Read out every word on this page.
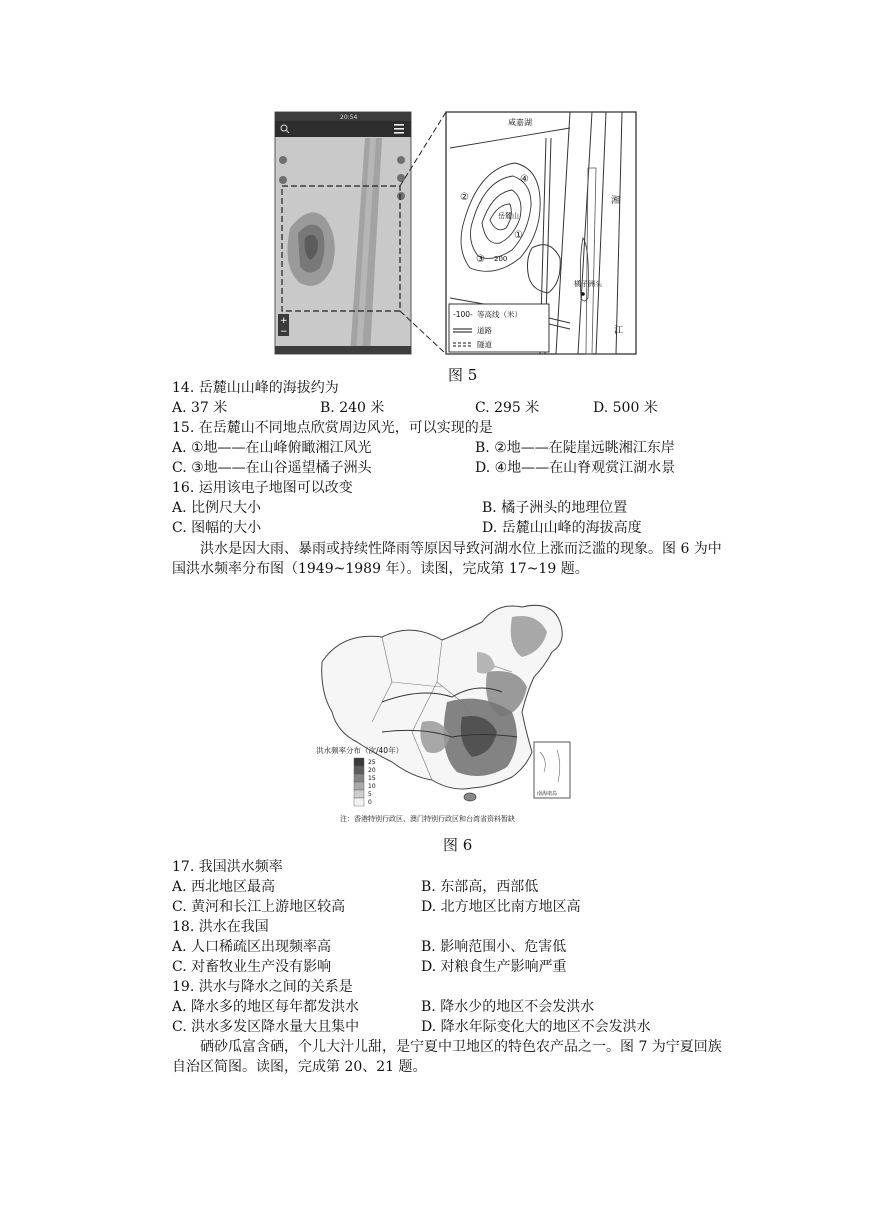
20:54
+
−
咸嘉湖
湘
江
橘子洲头
岳麓山
200
①
②
③
④
-100- 等高线（米）
道路
隧道
图 5
14. 岳麓山山峰的海拔约为
A. 37 米	B. 240 米	C. 295 米	D. 500 米
15. 在岳麓山不同地点欣赏周边风光，可以实现的是
A. ①地——在山峰俯瞰湘江风光	B. ②地——在陡崖远眺湘江东岸
C. ③地——在山谷遥望橘子洲头	D. ④地——在山脊观赏江湖水景
16. 运用该电子地图可以改变
A. 比例尺大小	B. 橘子洲头的地理位置
C. 图幅的大小	D. 岳麓山山峰的海拔高度
洪水是因大雨、暴雨或持续性降雨等原因导致河湖水位上涨而泛滥的现象。图 6 为中
国洪水频率分布图（1949~1989 年）。读图，完成第 17~19 题。
洪水频率分布（次/40年）
25
20
15
10
5
0
南海诸岛
注：香港特别行政区、澳门特别行政区和台湾省资料暂缺
图 6
17. 我国洪水频率
A. 西北地区最高	B. 东部高，西部低
C. 黄河和长江上游地区较高	D. 北方地区比南方地区高
18. 洪水在我国
A. 人口稀疏区出现频率高	B. 影响范围小、危害低
C. 对畜牧业生产没有影响	D. 对粮食生产影响严重
19. 洪水与降水之间的关系是
A. 降水多的地区每年都发洪水	B. 降水少的地区不会发洪水
C. 洪水多发区降水量大且集中	D. 降水年际变化大的地区不会发洪水
硒砂瓜富含硒，个儿大汁儿甜，是宁夏中卫地区的特色农产品之一。图 7 为宁夏回族
自治区简图。读图，完成第 20、21 题。
